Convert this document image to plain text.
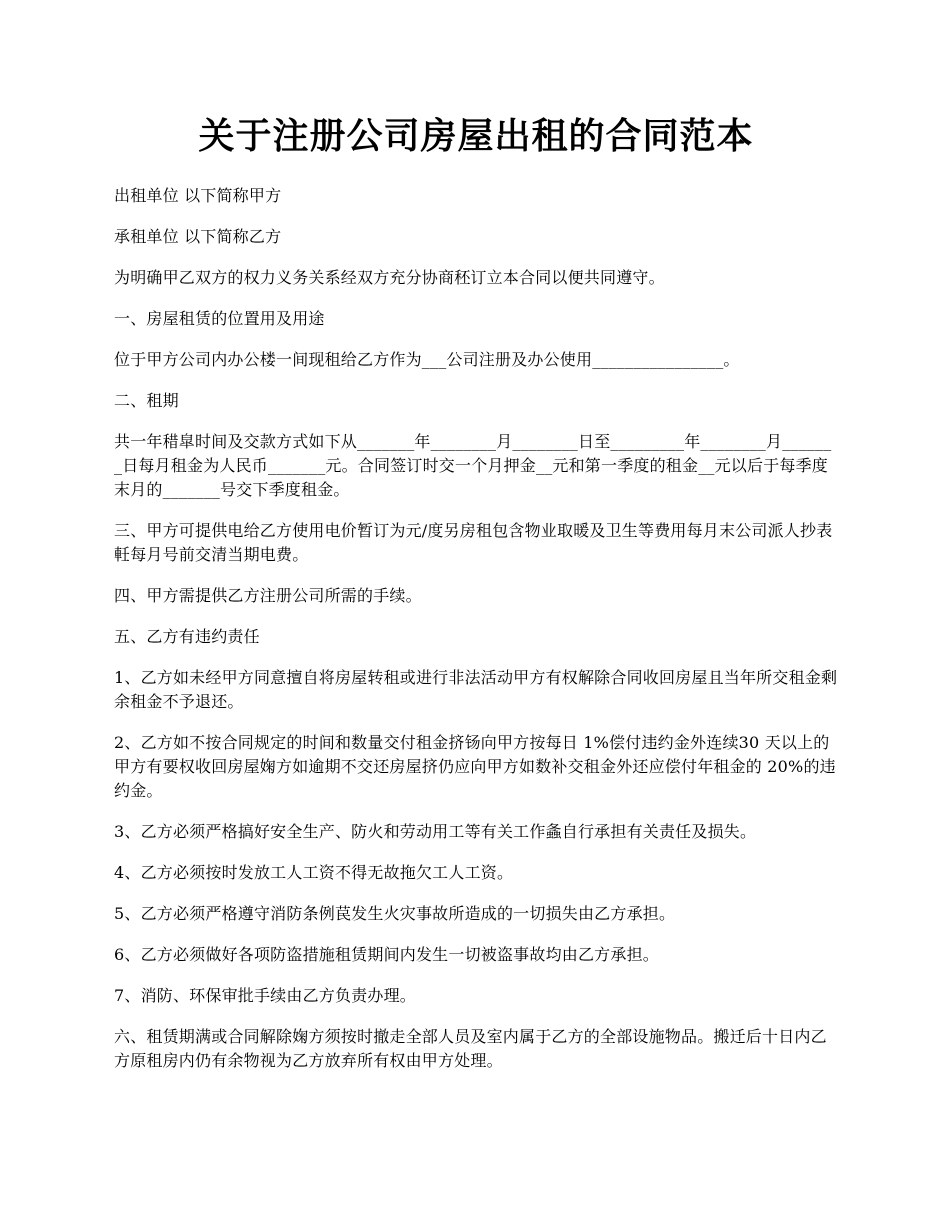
关于注册公司房屋出租的合同范本

出租单位 以下简称甲方

承租单位 以下简称乙方

为明确甲乙双方的权力义务关系经双方充分协商秠订立本合同以便共同遵守。

一、房屋租赁的位置用及用途

位于甲方公司内办公楼一间现租给乙方作为___公司注册及办公使用________________。

二、租期

共一年稓皐时间及交款方式如下从_______年________月________日至_________年________月_______日每月租金为人民币_______元。合同签订时交一个月押金__元和第一季度的租金__元以后于每季度末月的_______号交下季度租金。

三、甲方可提供电给乙方使用电价暂订为元/度另房租包含物业取暖及卫生等费用每月末公司派人抄表軠每月号前交清当期电费。

四、甲方需提供乙方注册公司所需的手续。

五、乙方有违约责任

1、乙方如未经甲方同意擅自将房屋转租或进行非法活动甲方有权解除合同收回房屋且当年所交租金剩余租金不予退还。

2、乙方如不按合同规定的时间和数量交付租金挤钖向甲方按每日 1%偿付违约金外连续30 天以上的甲方有要权收回房屋婅方如逾期不交还房屋挤仍应向甲方如数补交租金外还应偿付年租金的 20%的违约金。

3、乙方必须严格搞好安全生产、防火和劳动用工等有关工作螽自行承担有关责任及损失。

4、乙方必须按时发放工人工资不得无故拖欠工人工资。

5、乙方必须严格遵守消防条例苠发生火灾事故所造成的一切损失由乙方承担。

6、乙方必须做好各项防盗措施租赁期间内发生一切被盗事故均由乙方承担。

7、消防、环保审批手续由乙方负责办理。

六、租赁期满或合同解除婅方须按时撤走全部人员及室内属于乙方的全部设施物品。搬迁后十日内乙方原租房内仍有余物视为乙方放弃所有权由甲方处理。
